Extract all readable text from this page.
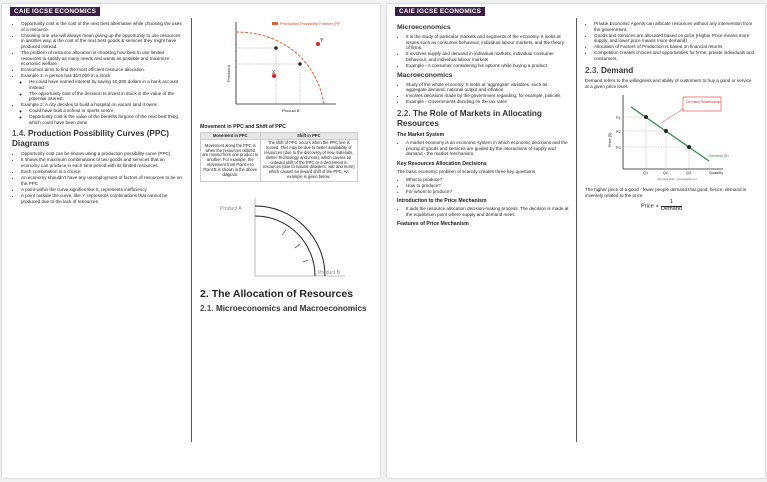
CAIE IGCSE ECONOMICS
• Opportunity cost is the cost of the next best alternative while choosing the uses of a resource.
• Choosing one use will always mean giving up the opportunity to use resources in another way, & the cost of the next best goods & services they might have produced instead.
• The problem of resource allocation is choosing how best to use limited resources to satisfy as many needs and wants as possible and maximize economic welfare.
• Economics aims to find the most efficient resource allocation.
• Example 1: A person has $10,000 in a stock
◦ He could have earned interest by saving 10,000 dollars in a bank account instead
◦ The opportunity cost of the decision to invest in stock is the value of the potential interest.
• Example 2: A city decides to build a hospital on vacant land it owns
◦ Could have built a school or sports centre
◦ Opportunity cost is the value of the benefits forgone of the next best thing which could have been done
1.4. Production Possibility Curves (PPC) Diagrams
• Opportunity cost can be shown using a production possibility curve (PPC)
• It shows the maximum combinations of two goods and services that an economy can produce in each time period with its limited resources
• Each combination is a choice
• An economy shouldn't have any unemployment of factors of resources to be on the PPC
• A point within the curve signifies like X, represents inefficiency
• A point outside the curve, like Y, represents combinations that cannot be produced due to the lack of resources
X
Y
Production Possibility Frontier (PPF)
Product A
Product B
Movement in PPC and Shift of PPC
Movement in PPC	Shift in PPC
Movement along the PPC is when the resources utilized are moved from one product to another. For example, the movement from Point A to Point B is shown in the above diagram.	The shift of PPC occurs when the PPC line is moved. This may be due to better availability of resources (due to the discovery of new materials, Better Technology and more), which causes an outward shift of the PPC or a decrement in resources (due to natural disasters, war and more) which causes an inward shift of the PPC. An example is given below.
Product A
Product B
2. The Allocation of Resources
2.1. Microeconomics and Macroeconomics
CAIE IGCSE ECONOMICS
Microeconomics
• It is the study of particular markets and segments of the economy. It looks at issues such as consumer behaviour, individual labour markets, and the theory of firms.
• It involves supply and demand in individual markets, individual consumer behaviour, and individual labour markets
• Example - A consumer considering his options while buying a product
Macroeconomics
• Study of the whole economy. It looks at 'aggregate' variables, such as aggregate demand, national output and inflation.
• Involves decisions made by the government regarding, for example, policies
• Example - Governments deciding on the tax rates
2.2. The Role of Markets in Allocating Resources
The Market System
• A market economy is an economic system in which economic decisions and the pricing of goods and services are guided by the interactions of supply and demand - the market mechanism.
Key Resources Allocation Decisions

The basic economic problem of scarcity creates three key questions

• What to produce?
• How to produce?
• For whom to produce?
Introduction to the Price Mechanism
• It aids the resource allocation decision-making process. The decision is made at the equilibrium point where supply and demand meet.
Features of Price Mechanism
• Private Economic Agents can allocate resources without any intervention from the government.
• Goods and Services are allocated based on price (Higher Price means more supply, and lower price means more demand)
• Allocation of Factors of Production is based on financial returns
• Competition creates choices and opportunities for firms, private individuals and consumers.
2.3. Demand

Demand refers to the willingness and ability of customers to buy a good or service at a given price level.

Demand Relationship
Demand (D)
P1
P2
P3
Q1	Q2	Q3
Price ($)
Quantity
Copyright 2015 - Investopedia.com

The higher price of a good - fewer people demand that good; hence, demand is inversely related to the price

Price ∝ $\frac{1}{\text{Demand}}$
